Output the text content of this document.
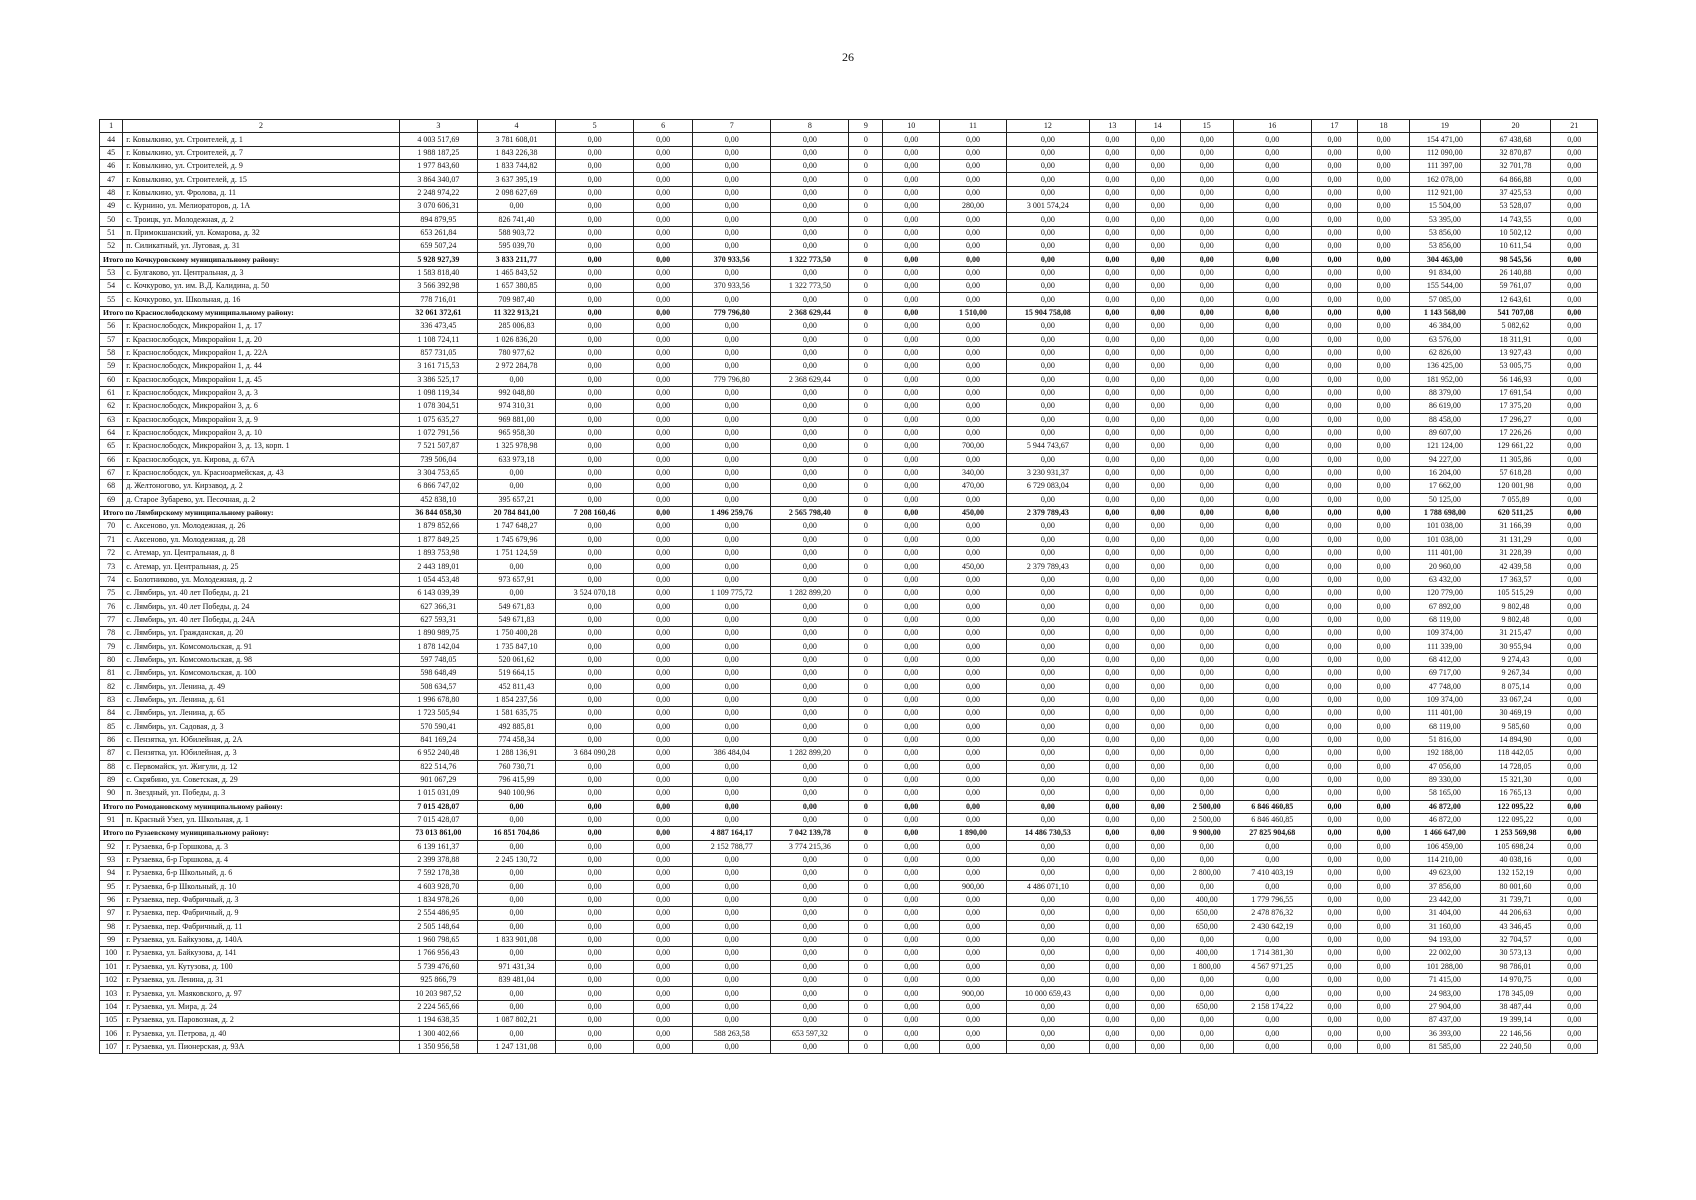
26
1	2	3	4	5	6	7	8	9	10	11	12	13	14	15	16	17	18	19	20	21
44	г. Ковылкино, ул. Строителей, д. 1	4 003 517,69	3 781 608,01	0,00	0,00	0,00	0,00	0	0,00	0,00	0,00	0,00	0,00	0,00	0,00	0,00	0,00	154 471,00	67 438,68	0,00
45	г. Ковылкино, ул. Строителей, д. 7	1 988 187,25	1 843 226,38	0,00	0,00	0,00	0,00	0	0,00	0,00	0,00	0,00	0,00	0,00	0,00	0,00	0,00	112 090,00	32 870,87	0,00
46	г. Ковылкино, ул. Строителей, д. 9	1 977 843,60	1 833 744,82	0,00	0,00	0,00	0,00	0	0,00	0,00	0,00	0,00	0,00	0,00	0,00	0,00	0,00	111 397,00	32 701,78	0,00
47	г. Ковылкино, ул. Строителей, д. 15	3 864 340,07	3 637 395,19	0,00	0,00	0,00	0,00	0	0,00	0,00	0,00	0,00	0,00	0,00	0,00	0,00	0,00	162 078,00	64 866,88	0,00
48	г. Ковылкино, ул. Фролова, д. 11	2 248 974,22	2 098 627,69	0,00	0,00	0,00	0,00	0	0,00	0,00	0,00	0,00	0,00	0,00	0,00	0,00	0,00	112 921,00	37 425,53	0,00
49	с. Курнино, ул. Мелиораторов, д. 1А	3 070 606,31	0,00	0,00	0,00	0,00	0,00	0	0,00	280,00	3 001 574,24	0,00	0,00	0,00	0,00	0,00	0,00	15 504,00	53 528,07	0,00
50	с. Троицк, ул. Молодежная, д. 2	894 879,95	826 741,40	0,00	0,00	0,00	0,00	0	0,00	0,00	0,00	0,00	0,00	0,00	0,00	0,00	0,00	53 395,00	14 743,55	0,00
51	п. Примокшанский, ул. Комарова, д. 32	653 261,84	588 903,72	0,00	0,00	0,00	0,00	0	0,00	0,00	0,00	0,00	0,00	0,00	0,00	0,00	0,00	53 856,00	10 502,12	0,00
52	п. Силикатный, ул. Луговая, д. 31	659 507,24	595 039,70	0,00	0,00	0,00	0,00	0	0,00	0,00	0,00	0,00	0,00	0,00	0,00	0,00	0,00	53 856,00	10 611,54	0,00
Итого по Кочкуровскому муниципальному району:		5 928 927,39	3 833 211,77	0,00	0,00	370 933,56	1 322 773,50	0	0,00	0,00	0,00	0,00	0,00	0,00	0,00	0,00	0,00	304 463,00	98 545,56	0,00
53	с. Булгаково, ул. Центральная, д. 3	1 583 818,40	1 465 843,52	0,00	0,00	0,00	0,00	0	0,00	0,00	0,00	0,00	0,00	0,00	0,00	0,00	0,00	91 834,00	26 140,88	0,00
54	с. Кочкурово, ул. им. В.Д. Калидина, д. 50	3 566 392,98	1 657 380,85	0,00	0,00	370 933,56	1 322 773,50	0	0,00	0,00	0,00	0,00	0,00	0,00	0,00	0,00	0,00	155 544,00	59 761,07	0,00
55	с. Кочкурово, ул. Школьная, д. 16	778 716,01	709 987,40	0,00	0,00	0,00	0,00	0	0,00	0,00	0,00	0,00	0,00	0,00	0,00	0,00	0,00	57 085,00	12 643,61	0,00
Итого по Краснослободскому муниципальному району:		32 061 372,61	11 322 913,21	0,00	0,00	779 796,80	2 368 629,44	0	0,00	1 510,00	15 904 758,08	0,00	0,00	0,00	0,00	0,00	0,00	1 143 568,00	541 707,08	0,00
56	г. Краснослободск, Микрорайон 1, д. 17	336 473,45	285 006,83	0,00	0,00	0,00	0,00	0	0,00	0,00	0,00	0,00	0,00	0,00	0,00	0,00	0,00	46 384,00	5 082,62	0,00
57	г. Краснослободск, Микрорайон 1, д. 20	1 108 724,11	1 026 836,20	0,00	0,00	0,00	0,00	0	0,00	0,00	0,00	0,00	0,00	0,00	0,00	0,00	0,00	63 576,00	18 311,91	0,00
58	г. Краснослободск, Микрорайон 1, д. 22А	857 731,05	780 977,62	0,00	0,00	0,00	0,00	0	0,00	0,00	0,00	0,00	0,00	0,00	0,00	0,00	0,00	62 826,00	13 927,43	0,00
59	г. Краснослободск, Микрорайон 1, д. 44	3 161 715,53	2 972 284,78	0,00	0,00	0,00	0,00	0	0,00	0,00	0,00	0,00	0,00	0,00	0,00	0,00	0,00	136 425,00	53 005,75	0,00
60	г. Краснослободск, Микрорайон 1, д. 45	3 386 525,17	0,00	0,00	0,00	779 796,80	2 368 629,44	0	0,00	0,00	0,00	0,00	0,00	0,00	0,00	0,00	0,00	181 952,00	56 146,93	0,00
61	г. Краснослободск, Микрорайон 3, д. 3	1 098 119,34	992 048,80	0,00	0,00	0,00	0,00	0	0,00	0,00	0,00	0,00	0,00	0,00	0,00	0,00	0,00	88 379,00	17 691,54	0,00
62	г. Краснослободск, Микрорайон 3, д. 6	1 078 304,51	974 310,31	0,00	0,00	0,00	0,00	0	0,00	0,00	0,00	0,00	0,00	0,00	0,00	0,00	0,00	86 619,00	17 375,20	0,00
63	г. Краснослободск, Микрорайон 3, д. 9	1 075 635,27	969 881,00	0,00	0,00	0,00	0,00	0	0,00	0,00	0,00	0,00	0,00	0,00	0,00	0,00	0,00	88 458,00	17 296,27	0,00
64	г. Краснослободск, Микрорайон 3, д. 10	1 072 791,56	965 958,30	0,00	0,00	0,00	0,00	0	0,00	0,00	0,00	0,00	0,00	0,00	0,00	0,00	0,00	89 607,00	17 226,26	0,00
65	г. Краснослободск, Микрорайон 3, д. 13, корп. 1	7 521 507,87	1 325 978,98	0,00	0,00	0,00	0,00	0	0,00	700,00	5 944 743,67	0,00	0,00	0,00	0,00	0,00	0,00	121 124,00	129 661,22	0,00
66	г. Краснослободск, ул. Кирова, д. 67А	739 506,04	633 973,18	0,00	0,00	0,00	0,00	0	0,00	0,00	0,00	0,00	0,00	0,00	0,00	0,00	0,00	94 227,00	11 305,86	0,00
67	г. Краснослободск, ул. Красноармейская, д. 43	3 304 753,65	0,00	0,00	0,00	0,00	0,00	0	0,00	340,00	3 230 931,37	0,00	0,00	0,00	0,00	0,00	0,00	16 204,00	57 618,28	0,00
68	д. Желтоногово, ул. Кирзавод, д. 2	6 866 747,02	0,00	0,00	0,00	0,00	0,00	0	0,00	470,00	6 729 083,04	0,00	0,00	0,00	0,00	0,00	0,00	17 662,00	120 001,98	0,00
69	д. Старое Зубарево, ул. Песочная, д. 2	452 838,10	395 657,21	0,00	0,00	0,00	0,00	0	0,00	0,00	0,00	0,00	0,00	0,00	0,00	0,00	0,00	50 125,00	7 055,89	0,00
Итого по Лямбирскому муниципальному району:		36 844 058,30	20 784 841,00	7 208 160,46	0,00	1 496 259,76	2 565 798,40	0	0,00	450,00	2 379 789,43	0,00	0,00	0,00	0,00	0,00	0,00	1 788 698,00	620 511,25	0,00
70	с. Аксеново, ул. Молодежная, д. 26	1 879 852,66	1 747 648,27	0,00	0,00	0,00	0,00	0	0,00	0,00	0,00	0,00	0,00	0,00	0,00	0,00	0,00	101 038,00	31 166,39	0,00
71	с. Аксеново, ул. Молодежная, д. 28	1 877 849,25	1 745 679,96	0,00	0,00	0,00	0,00	0	0,00	0,00	0,00	0,00	0,00	0,00	0,00	0,00	0,00	101 038,00	31 131,29	0,00
72	с. Атемар, ул. Центральная, д. 8	1 893 753,98	1 751 124,59	0,00	0,00	0,00	0,00	0	0,00	0,00	0,00	0,00	0,00	0,00	0,00	0,00	0,00	111 401,00	31 228,39	0,00
73	с. Атемар, ул. Центральная, д. 25	2 443 189,01	0,00	0,00	0,00	0,00	0,00	0	0,00	450,00	2 379 789,43	0,00	0,00	0,00	0,00	0,00	0,00	20 960,00	42 439,58	0,00
74	с. Болотниково, ул. Молодежная, д. 2	1 054 453,48	973 657,91	0,00	0,00	0,00	0,00	0	0,00	0,00	0,00	0,00	0,00	0,00	0,00	0,00	0,00	63 432,00	17 363,57	0,00
75	с. Лямбирь, ул. 40 лет Победы, д. 21	6 143 039,39	0,00	3 524 070,18	0,00	1 109 775,72	1 282 899,20	0	0,00	0,00	0,00	0,00	0,00	0,00	0,00	0,00	0,00	120 779,00	105 515,29	0,00
76	с. Лямбирь, ул. 40 лет Победы, д. 24	627 366,31	549 671,83	0,00	0,00	0,00	0,00	0	0,00	0,00	0,00	0,00	0,00	0,00	0,00	0,00	0,00	67 892,00	9 802,48	0,00
77	с. Лямбирь, ул. 40 лет Победы, д. 24А	627 593,31	549 671,83	0,00	0,00	0,00	0,00	0	0,00	0,00	0,00	0,00	0,00	0,00	0,00	0,00	0,00	68 119,00	9 802,48	0,00
78	с. Лямбирь, ул. Гражданская, д. 20	1 890 989,75	1 750 400,28	0,00	0,00	0,00	0,00	0	0,00	0,00	0,00	0,00	0,00	0,00	0,00	0,00	0,00	109 374,00	31 215,47	0,00
79	с. Лямбирь, ул. Комсомольская, д. 91	1 878 142,04	1 735 847,10	0,00	0,00	0,00	0,00	0	0,00	0,00	0,00	0,00	0,00	0,00	0,00	0,00	0,00	111 339,00	30 955,94	0,00
80	с. Лямбирь, ул. Комсомольская, д. 98	597 748,05	520 061,62	0,00	0,00	0,00	0,00	0	0,00	0,00	0,00	0,00	0,00	0,00	0,00	0,00	0,00	68 412,00	9 274,43	0,00
81	с. Лямбирь, ул. Комсомольская, д. 100	598 648,49	519 664,15	0,00	0,00	0,00	0,00	0	0,00	0,00	0,00	0,00	0,00	0,00	0,00	0,00	0,00	69 717,00	9 267,34	0,00
82	с. Лямбирь, ул. Ленина, д. 49	508 634,57	452 811,43	0,00	0,00	0,00	0,00	0	0,00	0,00	0,00	0,00	0,00	0,00	0,00	0,00	0,00	47 748,00	8 075,14	0,00
83	с. Лямбирь, ул. Ленина, д. 61	1 996 678,80	1 854 237,56	0,00	0,00	0,00	0,00	0	0,00	0,00	0,00	0,00	0,00	0,00	0,00	0,00	0,00	109 374,00	33 067,24	0,00
84	с. Лямбирь, ул. Ленина, д. 65	1 723 505,94	1 581 635,75	0,00	0,00	0,00	0,00	0	0,00	0,00	0,00	0,00	0,00	0,00	0,00	0,00	0,00	111 401,00	30 469,19	0,00
85	с. Лямбирь, ул. Садовая, д. 3	570 590,41	492 885,81	0,00	0,00	0,00	0,00	0	0,00	0,00	0,00	0,00	0,00	0,00	0,00	0,00	0,00	68 119,00	9 585,60	0,00
86	с. Пензятка, ул. Юбилейная, д. 2А	841 169,24	774 458,34	0,00	0,00	0,00	0,00	0	0,00	0,00	0,00	0,00	0,00	0,00	0,00	0,00	0,00	51 816,00	14 894,90	0,00
87	с. Пензятка, ул. Юбилейная, д. 3	6 952 240,48	1 288 136,91	3 684 090,28	0,00	386 484,04	1 282 899,20	0	0,00	0,00	0,00	0,00	0,00	0,00	0,00	0,00	0,00	192 188,00	118 442,05	0,00
88	с. Первомайск, ул. Жигули, д. 12	822 514,76	760 730,71	0,00	0,00	0,00	0,00	0	0,00	0,00	0,00	0,00	0,00	0,00	0,00	0,00	0,00	47 056,00	14 728,05	0,00
89	с. Скрябино, ул. Советская, д. 29	901 067,29	796 415,99	0,00	0,00	0,00	0,00	0	0,00	0,00	0,00	0,00	0,00	0,00	0,00	0,00	0,00	89 330,00	15 321,30	0,00
90	п. Звездный, ул. Победы, д. 3	1 015 031,09	940 100,96	0,00	0,00	0,00	0,00	0	0,00	0,00	0,00	0,00	0,00	0,00	0,00	0,00	0,00	58 165,00	16 765,13	0,00
Итого по Ромодановскому муниципальному району:		7 015 428,07	0,00	0,00	0,00	0,00	0,00	0	0,00	0,00	0,00	0,00	0,00	2 500,00	6 846 460,85	0,00	0,00	46 872,00	122 095,22	0,00
91	п. Красный Узел, ул. Школьная, д. 1	7 015 428,07	0,00	0,00	0,00	0,00	0,00	0	0,00	0,00	0,00	0,00	0,00	2 500,00	6 846 460,85	0,00	0,00	46 872,00	122 095,22	0,00
Итого по Рузаевскому муниципальному району:		73 013 861,00	16 851 704,86	0,00	0,00	4 887 164,17	7 042 139,78	0	0,00	1 890,00	14 486 730,53	0,00	0,00	9 900,00	27 825 904,68	0,00	0,00	1 466 647,00	1 253 569,98	0,00
92	г. Рузаевка, б-р Горшкова, д. 3	6 139 161,37	0,00	0,00	0,00	2 152 788,77	3 774 215,36	0	0,00	0,00	0,00	0,00	0,00	0,00	0,00	0,00	0,00	106 459,00	105 698,24	0,00
93	г. Рузаевка, б-р Горшкова, д. 4	2 399 378,88	2 245 130,72	0,00	0,00	0,00	0,00	0	0,00	0,00	0,00	0,00	0,00	0,00	0,00	0,00	0,00	114 210,00	40 038,16	0,00
94	г. Рузаевка, б-р Школьный, д. 6	7 592 178,38	0,00	0,00	0,00	0,00	0,00	0	0,00	0,00	0,00	0,00	0,00	2 800,00	7 410 403,19	0,00	0,00	49 623,00	132 152,19	0,00
95	г. Рузаевка, б-р Школьный, д. 10	4 603 928,70	0,00	0,00	0,00	0,00	0,00	0	0,00	900,00	4 486 071,10	0,00	0,00	0,00	0,00	0,00	0,00	37 856,00	80 001,60	0,00
96	г. Рузаевка, пер. Фабричный, д. 3	1 834 978,26	0,00	0,00	0,00	0,00	0,00	0	0,00	0,00	0,00	0,00	0,00	400,00	1 779 796,55	0,00	0,00	23 442,00	31 739,71	0,00
97	г. Рузаевка, пер. Фабричный, д. 9	2 554 486,95	0,00	0,00	0,00	0,00	0,00	0	0,00	0,00	0,00	0,00	0,00	650,00	2 478 876,32	0,00	0,00	31 404,00	44 206,63	0,00
98	г. Рузаевка, пер. Фабричный, д. 11	2 505 148,64	0,00	0,00	0,00	0,00	0,00	0	0,00	0,00	0,00	0,00	0,00	650,00	2 430 642,19	0,00	0,00	31 160,00	43 346,45	0,00
99	г. Рузаевка, ул. Байкузова, д. 140А	1 960 798,65	1 833 901,08	0,00	0,00	0,00	0,00	0	0,00	0,00	0,00	0,00	0,00	0,00	0,00	0,00	0,00	94 193,00	32 704,57	0,00
100	г. Рузаевка, ул. Байкузова, д. 141	1 766 956,43	0,00	0,00	0,00	0,00	0,00	0	0,00	0,00	0,00	0,00	0,00	400,00	1 714 381,30	0,00	0,00	22 002,00	30 573,13	0,00
101	г. Рузаевка, ул. Кутузова, д. 100	5 739 476,60	971 431,34	0,00	0,00	0,00	0,00	0	0,00	0,00	0,00	0,00	0,00	1 800,00	4 567 971,25	0,00	0,00	101 288,00	98 786,01	0,00
102	г. Рузаевка, ул. Ленина, д. 31	925 866,79	839 481,04	0,00	0,00	0,00	0,00	0	0,00	0,00	0,00	0,00	0,00	0,00	0,00	0,00	0,00	71 415,00	14 970,75	0,00
103	г. Рузаевка, ул. Маяковского, д. 97	10 203 987,52	0,00	0,00	0,00	0,00	0,00	0	0,00	900,00	10 000 659,43	0,00	0,00	0,00	0,00	0,00	0,00	24 983,00	178 345,09	0,00
104	г. Рузаевка, ул. Мира, д. 24	2 224 565,66	0,00	0,00	0,00	0,00	0,00	0	0,00	0,00	0,00	0,00	0,00	650,00	2 158 174,22	0,00	0,00	27 904,00	38 487,44	0,00
105	г. Рузаевка, ул. Паровозная, д. 2	1 194 638,35	1 087 802,21	0,00	0,00	0,00	0,00	0	0,00	0,00	0,00	0,00	0,00	0,00	0,00	0,00	0,00	87 437,00	19 399,14	0,00
106	г. Рузаевка, ул. Петрова, д. 40	1 300 402,66	0,00	0,00	0,00	588 263,58	653 597,32	0	0,00	0,00	0,00	0,00	0,00	0,00	0,00	0,00	0,00	36 393,00	22 146,56	0,00
107	г. Рузаевка, ул. Пионерская, д. 93А	1 350 956,58	1 247 131,08	0,00	0,00	0,00	0,00	0	0,00	0,00	0,00	0,00	0,00	0,00	0,00	0,00	0,00	81 585,00	22 240,50	0,00
